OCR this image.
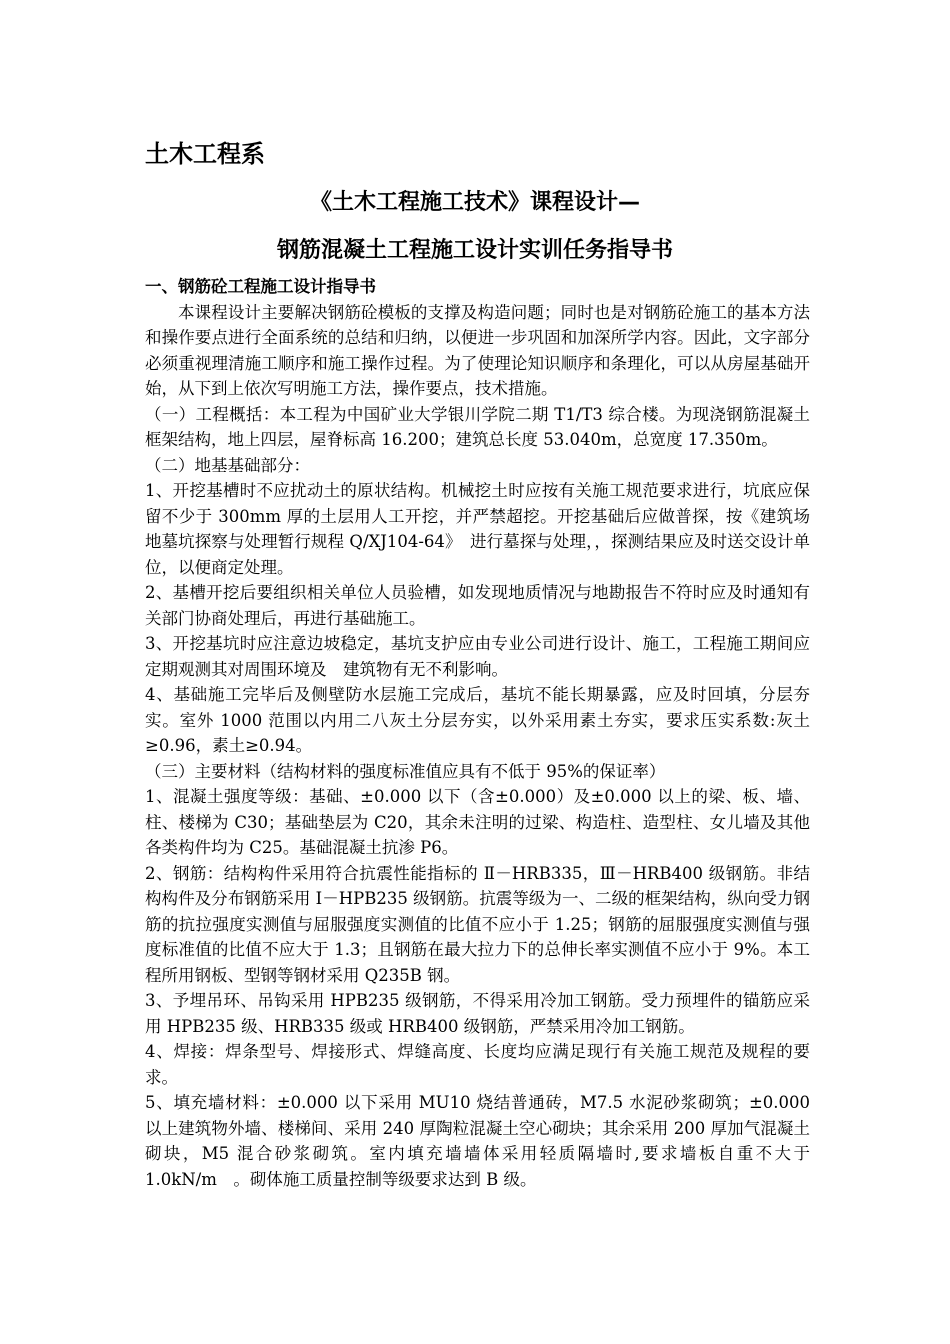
土木工程系
《土木工程施工技术》课程设计—
钢筋混凝土工程施工设计实训任务指导书

一、钢筋砼工程施工设计指导书

本课程设计主要解决钢筋砼模板的支撑及构造问题；同时也是对钢筋砼施工的基本方法和操作要点进行全面系统的总结和归纳，以便进一步巩固和加深所学内容。因此，文字部分必须重视理清施工顺序和施工操作过程。为了使理论知识顺序和条理化，可以从房屋基础开始，从下到上依次写明施工方法，操作要点，技术措施。

（一）工程概括：本工程为中国矿业大学银川学院二期 T1/T3 综合楼。为现浇钢筋混凝土框架结构，地上四层，屋脊标高 16.200；建筑总长度 53.040m，总宽度 17.350m。

（二）地基基础部分：

1、开挖基槽时不应扰动土的原状结构。机械挖土时应按有关施工规范要求进行，坑底应保留不少于 300mm 厚的土层用人工开挖，并严禁超挖。开挖基础后应做普探，按《建筑场地墓坑探察与处理暂行规程 Q/XJ104-64》　进行墓探与处理，，探测结果应及时送交设计单位，以便商定处理。

2、基槽开挖后要组织相关单位人员验槽，如发现地质情况与地勘报告不符时应及时通知有关部门协商处理后，再进行基础施工。

3、开挖基坑时应注意边坡稳定，基坑支护应由专业公司进行设计、施工，工程施工期间应定期观测其对周围环境及　建筑物有无不利影响。

4、基础施工完毕后及侧壁防水层施工完成后，基坑不能长期暴露，应及时回填，分层夯实。室外 1000 范围以内用二八灰土分层夯实，以外采用素土夯实，要求压实系数:灰土≥0.96，素土≥0.94。

（三）主要材料（结构材料的强度标准值应具有不低于 95%的保证率）

1、混凝土强度等级：基础、±0.000 以下（含±0.000）及±0.000 以上的梁、板、墙、柱、楼梯为 C30；基础垫层为 C20，其余未注明的过梁、构造柱、造型柱、女儿墙及其他各类构件均为 C25。基础混凝土抗渗 P6。

2、钢筋：结构构件采用符合抗震性能指标的 Ⅱ－HRB335，Ⅲ－HRB400 级钢筋。非结构构件及分布钢筋采用 Ⅰ－HPB235 级钢筋。抗震等级为一、二级的框架结构，纵向受力钢筋的抗拉强度实测值与屈服强度实测值的比值不应小于 1.25；钢筋的屈服强度实测值与强度标准值的比值不应大于 1.3；且钢筋在最大拉力下的总伸长率实测值不应小于 9%。本工程所用钢板、型钢等钢材采用 Q235B 钢。

3、予埋吊环、吊钩采用 HPB235 级钢筋，不得采用冷加工钢筋。受力预埋件的锚筋应采用 HPB235 级、HRB335 级或 HRB400 级钢筋，严禁采用冷加工钢筋。

4、焊接：焊条型号、焊接形式、焊缝高度、长度均应满足现行有关施工规范及规程的要求。

5、填充墙材料：±0.000 以下采用 MU10 烧结普通砖，M7.5 水泥砂浆砌筑；±0.000 以上建筑物外墙、楼梯间、采用 240 厚陶粒混凝土空心砌块；其余采用 200 厚加气混凝土砌块，M5 混合砂浆砌筑。室内填充墙墙体采用轻质隔墙时,要求墙板自重不大于 1.0kN/m　。砌体施工质量控制等级要求达到 B 级。
